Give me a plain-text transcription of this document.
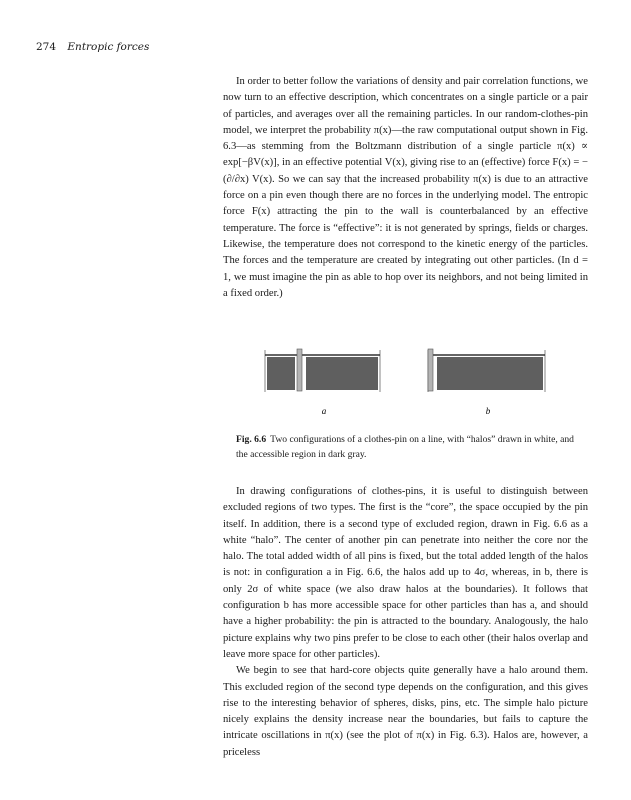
274 Entropic forces

In order to better follow the variations of density and pair correlation functions, we now turn to an effective description, which concentrates on a single particle or a pair of particles, and averages over all the remaining particles. In our random-clothes-pin model, we interpret the probability π(x)—the raw computational output shown in Fig. 6.3—as stemming from the Boltzmann distribution of a single particle π(x) ∝ exp[−βV(x)], in an effective potential V(x), giving rise to an (effective) force F(x) = −(∂/∂x) V(x). So we can say that the increased probability π(x) is due to an attractive force on a pin even though there are no forces in the underlying model. The entropic force F(x) attracting the pin to the wall is counterbalanced by an effective temperature. The force is “effective”: it is not generated by springs, fields or charges. Likewise, the temperature does not correspond to the kinetic energy of the particles. The forces and the temperature are created by integrating out other particles. (In d = 1, we must imagine the pin as able to hop over its neighbors, and not being limited in a fixed order.)

a	b
Fig. 6.6 Two configurations of a clothes-pin on a line, with “halos” drawn in white, and the accessible region in dark gray.

In drawing configurations of clothes-pins, it is useful to distinguish between excluded regions of two types. The first is the “core”, the space occupied by the pin itself. In addition, there is a second type of excluded region, drawn in Fig. 6.6 as a white “halo”. The center of another pin can penetrate into neither the core nor the halo. The total added width of all pins is fixed, but the total added length of the halos is not: in configuration a in Fig. 6.6, the halos add up to 4σ, whereas, in b, there is only 2σ of white space (we also draw halos at the boundaries). It follows that configuration b has more accessible space for other particles than has a, and should have a higher probability: the pin is attracted to the boundary. Analogously, the halo picture explains why two pins prefer to be close to each other (their halos overlap and leave more space for other particles).

We begin to see that hard-core objects quite generally have a halo around them. This excluded region of the second type depends on the configuration, and this gives rise to the interesting behavior of spheres, disks, pins, etc. The simple halo picture nicely explains the density increase near the boundaries, but fails to capture the intricate oscillations in π(x) (see the plot of π(x) in Fig. 6.3). Halos are, however, a priceless
